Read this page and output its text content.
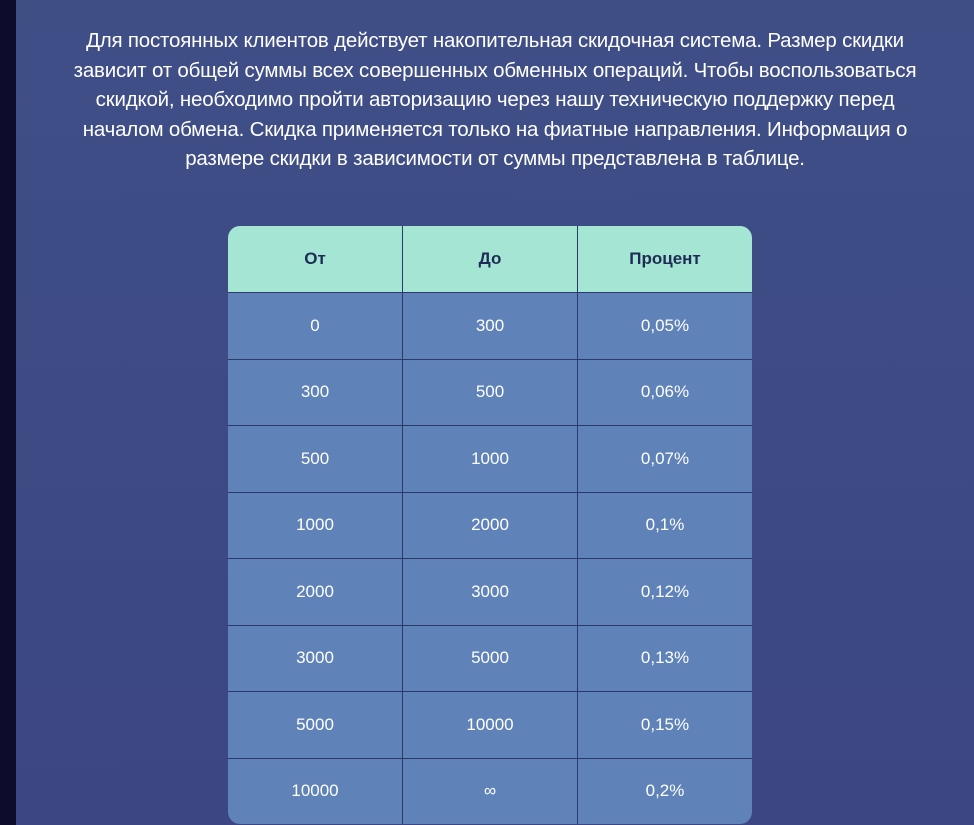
Для постоянных клиентов действует накопительная скидочная система. Размер скидки зависит от общей суммы всех совершенных обменных операций. Чтобы воспользоваться скидкой, необходимо пройти авторизацию через нашу техническую поддержку перед началом обмена. Скидка применяется только на фиатные направления. Информация о размере скидки в зависимости от суммы представлена в таблице.
От	До	Процент
0	300	0,05%
300	500	0,06%
500	1000	0,07%
1000	2000	0,1%
2000	3000	0,12%
3000	5000	0,13%
5000	10000	0,15%
10000	∞	0,2%
